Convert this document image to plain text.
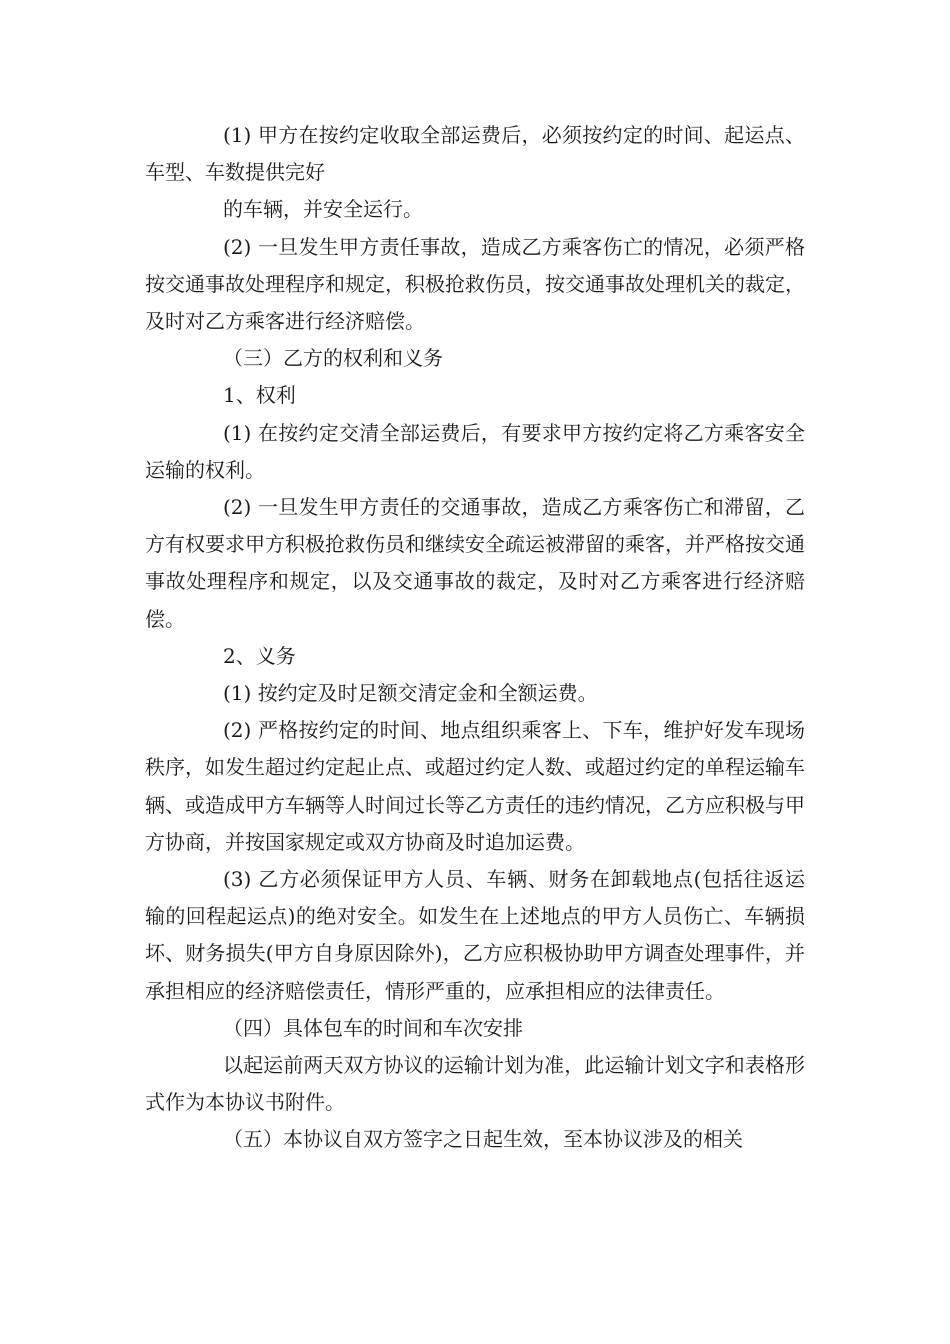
(1) 甲方在按约定收取全部运费后，必须按约定的时间、起运点、车型、车数提供完好

的车辆，并安全运行。

(2) 一旦发生甲方责任事故，造成乙方乘客伤亡的情况，必须严格按交通事故处理程序和规定，积极抢救伤员，按交通事故处理机关的裁定，及时对乙方乘客进行经济赔偿。

（三）乙方的权利和义务

1、权利

(1) 在按约定交清全部运费后，有要求甲方按约定将乙方乘客安全运输的权利。

(2) 一旦发生甲方责任的交通事故，造成乙方乘客伤亡和滞留，乙方有权要求甲方积极抢救伤员和继续安全疏运被滞留的乘客，并严格按交通事故处理程序和规定，以及交通事故的裁定，及时对乙方乘客进行经济赔偿。

2、义务

(1) 按约定及时足额交清定金和全额运费。

(2) 严格按约定的时间、地点组织乘客上、下车，维护好发车现场秩序，如发生超过约定起止点、或超过约定人数、或超过约定的单程运输车辆、或造成甲方车辆等人时间过长等乙方责任的违约情况，乙方应积极与甲方协商，并按国家规定或双方协商及时追加运费。

(3) 乙方必须保证甲方人员、车辆、财务在卸载地点(包括往返运输的回程起运点)的绝对安全。如发生在上述地点的甲方人员伤亡、车辆损坏、财务损失(甲方自身原因除外)，乙方应积极协助甲方调查处理事件，并承担相应的经济赔偿责任，情形严重的，应承担相应的法律责任。

（四）具体包车的时间和车次安排

以起运前两天双方协议的运输计划为准，此运输计划文字和表格形式作为本协议书附件。

（五）本协议自双方签字之日起生效，至本协议涉及的相关
